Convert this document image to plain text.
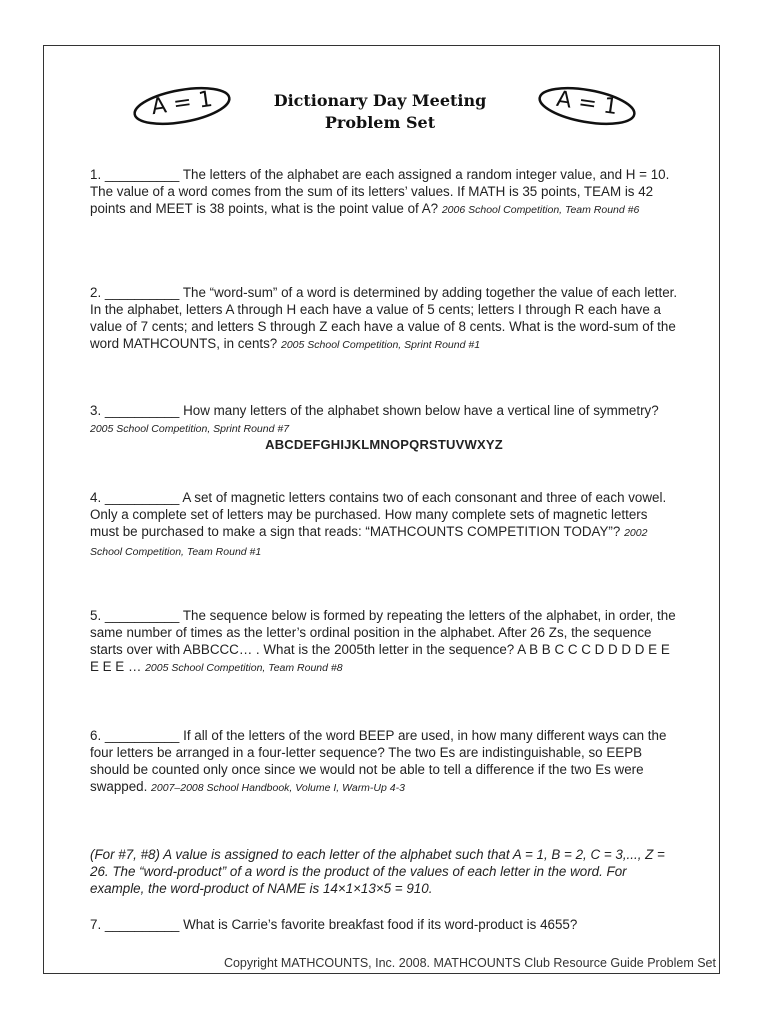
A = 1	Dictionary Day Meeting
Problem Set
A = 1
1. __________ The letters of the alphabet are each assigned a random integer value, and H = 10. The value of a word comes from the sum of its letters’ values. If MATH is 35 points, TEAM is 42 points and MEET is 38 points, what is the point value of A? 2006 School Competition, Team Round #6
2. __________ The “word-sum” of a word is determined by adding together the value of each letter. In the alphabet, letters A through H each have a value of 5 cents; letters I through R each have a value of 7 cents; and letters S through Z each have a value of 8 cents. What is the word-sum of the word MATHCOUNTS, in cents? 2005 School Competition, Sprint Round #1
3. __________ How many letters of the alphabet shown below have a vertical line of symmetry? 2005 School Competition, Sprint Round #7
ABCDEFGHIJKLMNOPQRSTUVWXYZ
4. __________ A set of magnetic letters contains two of each consonant and three of each vowel. Only a complete set of letters may be purchased. How many complete sets of magnetic letters must be purchased to make a sign that reads: “MATHCOUNTS COMPETITION TODAY”? 2002 School Competition, Team Round #1
5. __________ The sequence below is formed by repeating the letters of the alphabet, in order, the same number of times as the letter’s ordinal position in the alphabet. After 26 Zs, the sequence starts over with ABBCCC… . What is the 2005th letter in the sequence? A B B C C C D D D D E E E E E … 2005 School Competition, Team Round #8
6. __________ If all of the letters of the word BEEP are used, in how many different ways can the four letters be arranged in a four-letter sequence? The two Es are indistinguishable, so EEPB should be counted only once since we would not be able to tell a difference if the two Es were swapped. 2007–2008 School Handbook, Volume I, Warm-Up 4-3
(For #7, #8) A value is assigned to each letter of the alphabet such that A = 1, B = 2, C = 3,..., Z = 26. The “word-product” of a word is the product of the values of each letter in the word. For example, the word-product of NAME is 14×1×13×5 = 910.
7. __________ What is Carrie’s favorite breakfast food if its word-product is 4655?
Copyright MATHCOUNTS, Inc. 2008. MATHCOUNTS Club Resource Guide Problem Set
